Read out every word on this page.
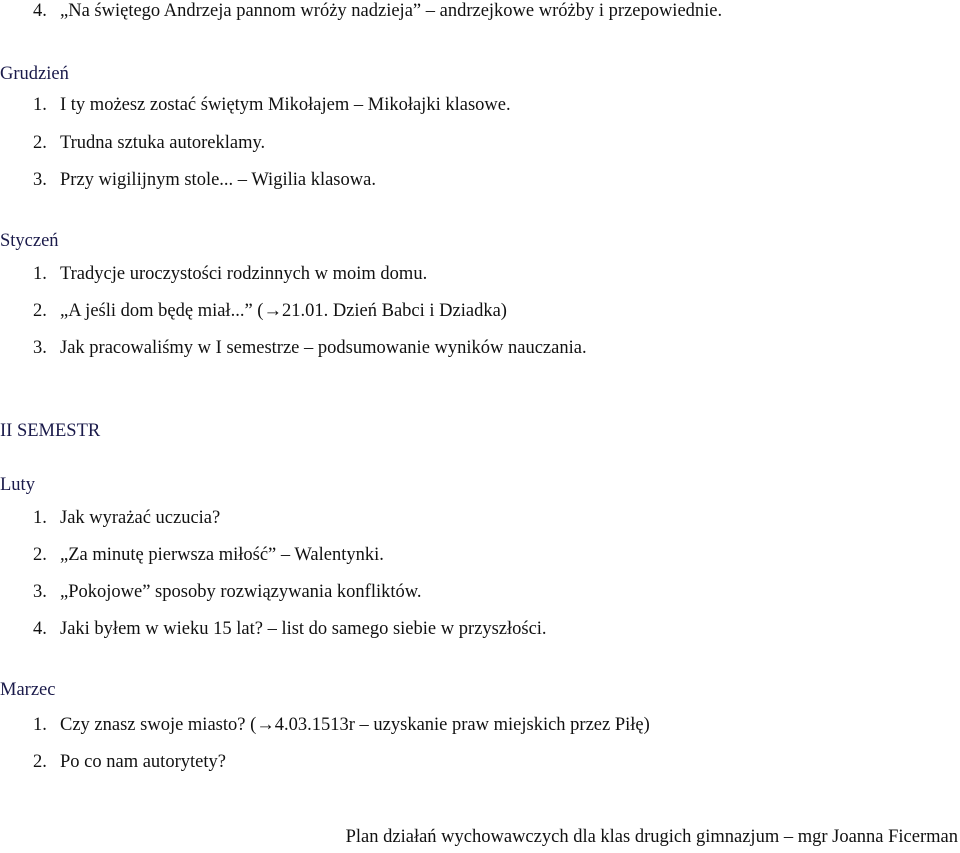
4. „Na świętego Andrzeja pannom wróży nadzieja” – andrzejkowe wróżby i przepowiednie.
Grudzień
1. I ty możesz zostać świętym Mikołajem – Mikołajki klasowe.
2. Trudna sztuka autoreklamy.
3. Przy wigilijnym stole... – Wigilia klasowa.
Styczeń
1. Tradycje uroczystości rodzinnych w moim domu.
2. „A jeśli dom będę miał...” (→21.01. Dzień Babci i Dziadka)
3. Jak pracowaliśmy w I semestrze – podsumowanie wyników nauczania.
II SEMESTR
Luty
1. Jak wyrażać uczucia?
2. „Za minutę pierwsza miłość” – Walentynki.
3. „Pokojowe” sposoby rozwiązywania konfliktów.
4. Jaki byłem w wieku 15 lat? – list do samego siebie w przyszłości.
Marzec
1. Czy znasz swoje miasto? (→4.03.1513r – uzyskanie praw miejskich przez Piłę)
2. Po co nam autorytety?
Plan działań wychowawczych dla klas drugich gimnazjum – mgr Joanna Ficerman
